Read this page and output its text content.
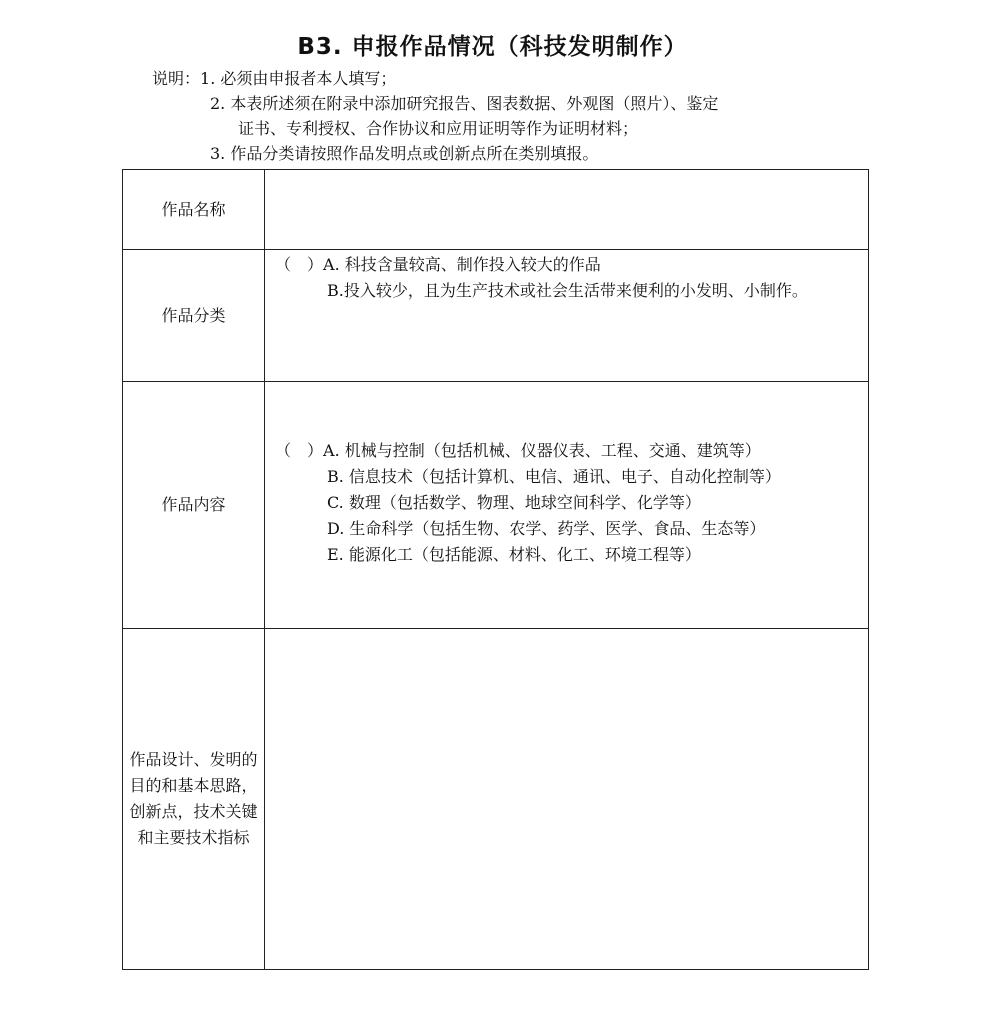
B3. 申报作品情况（科技发明制作）
说明：1. 必须由申报者本人填写；
2. 本表所述须在附录中添加研究报告、图表数据、外观图（照片）、鉴定
证书、专利授权、合作协议和应用证明等作为证明材料；
3. 作品分类请按照作品发明点或创新点所在类别填报。
作品名称	
作品分类	（　）A. 科技含量较高、制作投入较大的作品
B.投入较少，且为生产技术或社会生活带来便利的小发明、小制作。

作品内容	（　）A. 机械与控制（包括机械、仪器仪表、工程、交通、建筑等）
B. 信息技术（包括计算机、电信、通讯、电子、自动化控制等）
C. 数理（包括数学、物理、地球空间科学、化学等）
D. 生命科学（包括生物、农学、药学、医学、食品、生态等）
E. 能源化工（包括能源、材料、化工、环境工程等）

作品设计、发明的目的和基本思路，创新点，技术关键和主要技术指标	
